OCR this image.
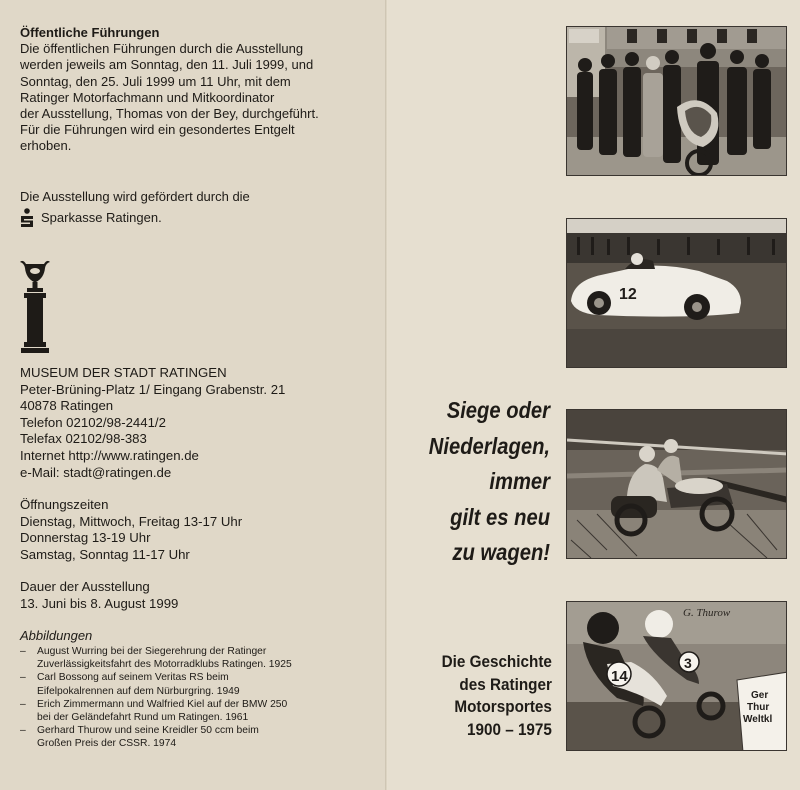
Öffentliche Führungen
Die öffentlichen Führungen durch die Ausstellung
werden jeweils am Sonntag, den 11. Juli 1999, und
Sonntag, den 25. Juli 1999 um 11 Uhr, mit dem
Ratinger Motorfachmann und Mitkoordinator
der Ausstellung, Thomas von der Bey, durchgeführt.
Für die Führungen wird ein gesondertes Entgelt
erhoben.
Die Ausstellung wird gefördert durch die
Sparkasse Ratingen.
MUSEUM DER STADT RATINGEN
Peter-Brüning-Platz 1/ Eingang Grabenstr. 21
40878 Ratingen
Telefon 02102/98-2441/2
Telefax 02102/98-383
Internet http://www.ratingen.de
e-Mail: stadt@ratingen.de
Öffnungszeiten
Dienstag, Mittwoch, Freitag 13-17 Uhr
Donnerstag 13-19 Uhr
Samstag, Sonntag 11-17 Uhr
Dauer der Ausstellung
13. Juni bis 8. August 1999
Abbildungen
– August Wurring bei der Siegerehrung der Ratinger
Zuverlässigkeitsfahrt des Motorradklubs Ratingen. 1925
– Carl Bossong auf seinem Veritas RS beim
Eifelpokalrennen auf dem Nürburgring. 1949
– Erich Zimmermann und Walfried Kiel auf der BMW 250
bei der Geländefahrt Rund um Ratingen. 1961
– Gerhard Thurow und seine Kreidler 50 ccm beim
Großen Preis der CSSR. 1974
12
G. Thurow
14
3
Ger
Thur
Weltkl
Siege oder
Niederlagen,
immer
gilt es neu
zu wagen!
Die Geschichte
des Ratinger
Motorsportes
1900 – 1975
